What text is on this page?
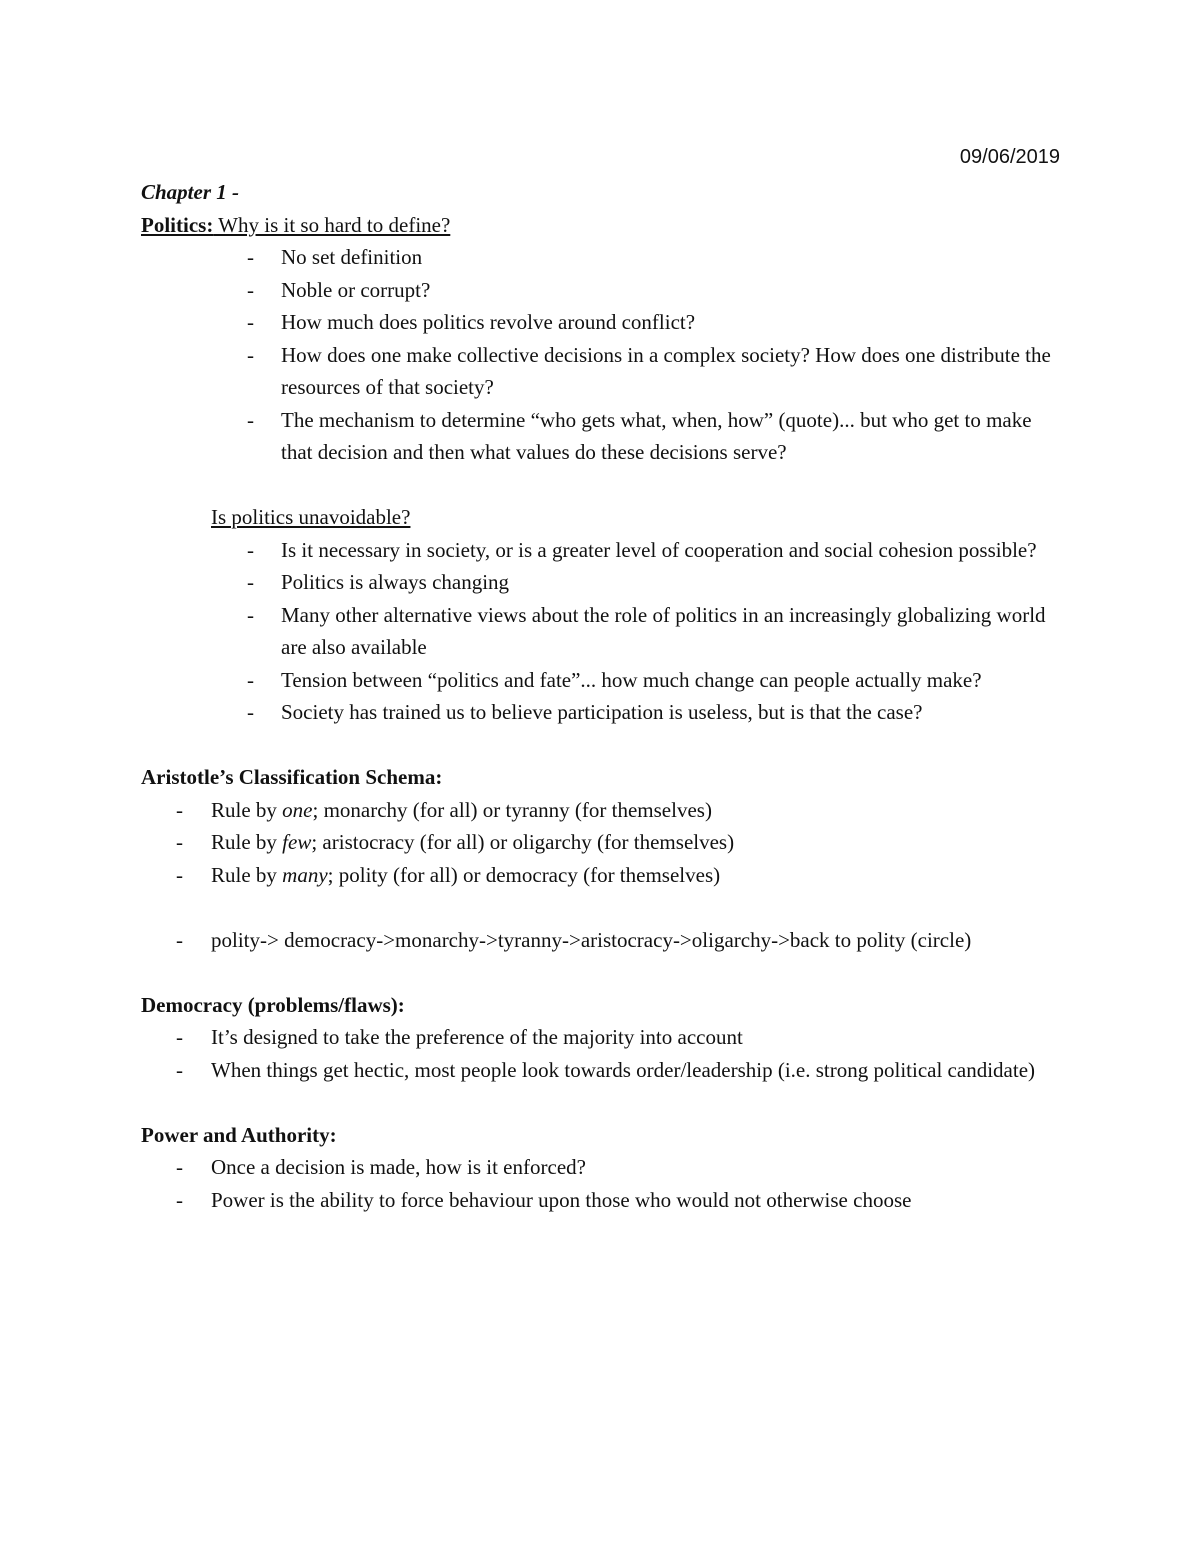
09/06/2019

Chapter 1 -

Politics: Why is it so hard to define?

- No set definition
- Noble or corrupt?
- How much does politics revolve around conflict?
- How does one make collective decisions in a complex society? How does one distribute the resources of that society?
- The mechanism to determine “who gets what, when, how” (quote)... but who get to make that decision and then what values do these decisions serve?

Is politics unavoidable?

- Is it necessary in society, or is a greater level of cooperation and social cohesion possible?
- Politics is always changing
- Many other alternative views about the role of politics in an increasingly globalizing world are also available
- Tension between “politics and fate”... how much change can people actually make?
- Society has trained us to believe participation is useless, but is that the case?

Aristotle’s Classification Schema:

- Rule by one; monarchy (for all) or tyranny (for themselves)
- Rule by few; aristocracy (for all) or oligarchy (for themselves)
- Rule by many; polity (for all) or democracy (for themselves)
- polity-> democracy->monarchy->tyranny->aristocracy->oligarchy->back to polity (circle)

Democracy (problems/flaws):

- It’s designed to take the preference of the majority into account
- When things get hectic, most people look towards order/leadership (i.e. strong political candidate)

Power and Authority:

- Once a decision is made, how is it enforced?
- Power is the ability to force behaviour upon those who would not otherwise choose
